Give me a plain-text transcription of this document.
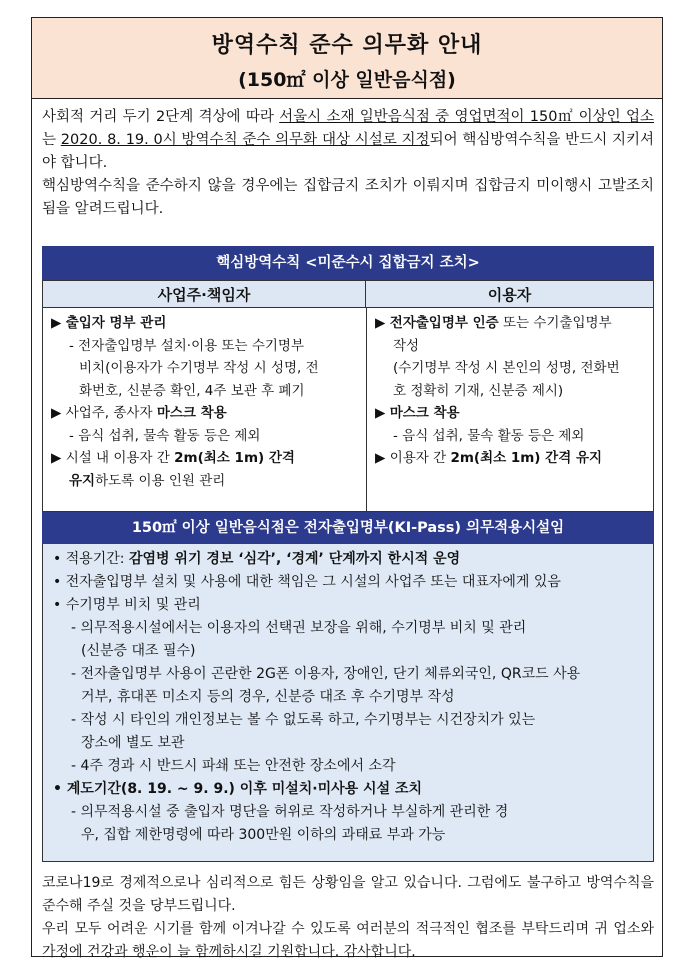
방역수칙 준수 의무화 안내
(150㎡ 이상 일반음식점)

사회적 거리 두기 2단계 격상에 따라 서울시 소재 일반음식점 중 영업면적이 150㎡ 이상인 업소는 2020. 8. 19. 0시 방역수칙 준수 의무화 대상 시설로 지정되어 핵심방역수칙을 반드시 지키셔야 합니다.

핵심방역수칙을 준수하지 않을 경우에는 집합금지 조치가 이뤄지며 집합금지 미이행시 고발조치 됨을 알려드립니다.

핵심방역수칙 <미준수시 집합금지 조치>
사업주·책임자	이용자
▶ 출입자 명부 관리
- 전자출입명부 설치·이용 또는 수기명부
비치(이용자가 수기명부 작성 시 성명, 전
화번호, 신분증 확인, 4주 보관 후 폐기
▶ 사업주, 종사자 마스크 착용
- 음식 섭취, 물속 활동 등은 제외
▶ 시설 내 이용자 간 2m(최소 1m) 간격
유지하도록 이용 인원 관리
▶ 전자출입명부 인증 또는 수기출입명부
작성
(수기명부 작성 시 본인의 성명, 전화번
호 정확히 기재, 신분증 제시)
▶ 마스크 착용
- 음식 섭취, 물속 활동 등은 제외
▶ 이용자 간 2m(최소 1m) 간격 유지
150㎡ 이상 일반음식점은 전자출입명부(KI-Pass) 의무적용시설임
• 적용기간: 감염병 위기 경보 ‘심각’, ‘경계’ 단계까지 한시적 운영
• 전자출입명부 설치 및 사용에 대한 책임은 그 시설의 사업주 또는 대표자에게 있음
• 수기명부 비치 및 관리
- 의무적용시설에서는 이용자의 선택권 보장을 위해, 수기명부 비치 및 관리
(신분증 대조 필수)
- 전자출입명부 사용이 곤란한 2G폰 이용자, 장애인, 단기 체류외국인, QR코드 사용
거부, 휴대폰 미소지 등의 경우, 신분증 대조 후 수기명부 작성
- 작성 시 타인의 개인정보는 볼 수 없도록 하고, 수기명부는 시건장치가 있는
장소에 별도 보관
- 4주 경과 시 반드시 파쇄 또는 안전한 장소에서 소각
• 계도기간(8. 19. ~ 9. 9.) 이후 미설치·미사용 시설 조치
- 의무적용시설 중 출입자 명단을 허위로 작성하거나 부실하게 관리한 경
우, 집합 제한명령에 따라 300만원 이하의 과태료 부과 가능

코로나19로 경제적으로나 심리적으로 힘든 상황임을 알고 있습니다. 그럼에도 불구하고 방역수칙을 준수해 주실 것을 당부드립니다.

우리 모두 어려운 시기를 함께 이겨나갈 수 있도록 여러분의 적극적인 협조를 부탁드리며 귀 업소와 가정에 건강과 행운이 늘 함께하시길 기원합니다. 감사합니다.
